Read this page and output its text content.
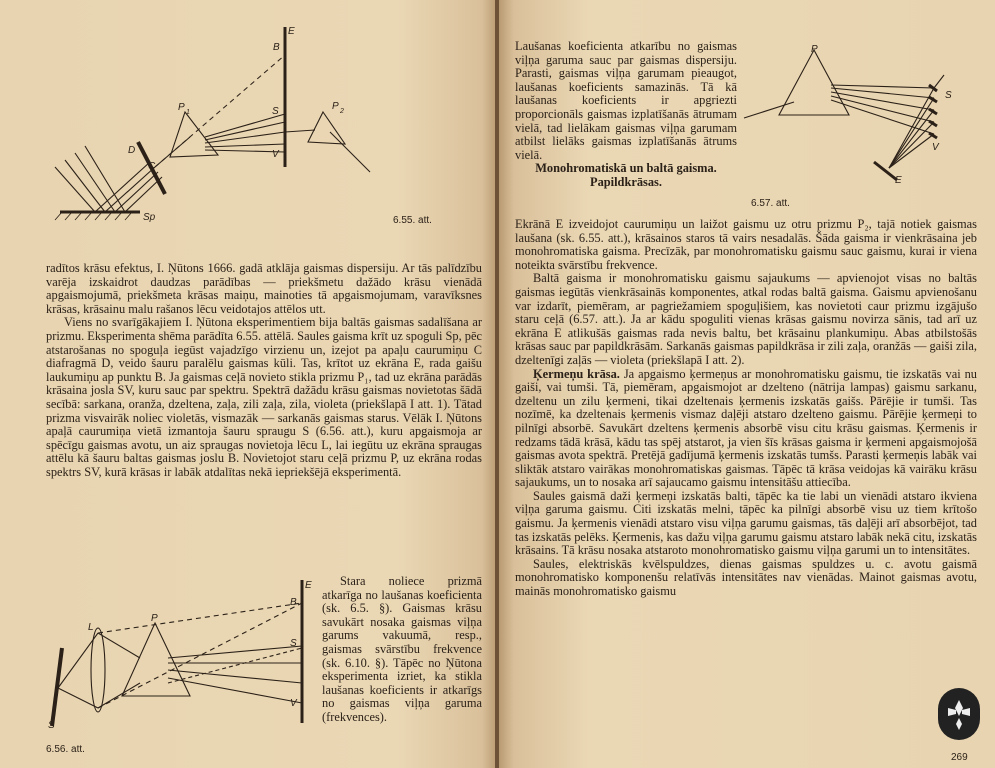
E
B
S
V
P 1
P 2
D
C
Sp	6.55. att.

radītos krāsu efektus, I. Ņūtons 1666. gadā atklāja gaismas dispersiju. Ar tās palīdzību varēja izskaidrot daudzas parādības — priekšmetu dažādo krāsu vienādā apgaismojumā, priekšmeta krāsas maiņu, mainoties tā apgaismojumam, varavīksnes krāsas, krāsainu malu rašanos lēcu veidotajos attēlos utt.

Viens no svarīgākajiem I. Ņūtona eksperimentiem bija baltās gaismas sadalīšana ar prizmu. Eksperimenta shēma parādīta 6.55. attēlā. Saules gaisma krīt uz spoguli Sp, pēc atstarošanas no spoguļa iegūst vajadzīgo virzienu un, izejot pa apaļu caurumiņu C diafragmā D, veido šauru paralēlu gaismas kūli. Tas, krītot uz ekrāna E, rada gaišu laukumiņu ap punktu B. Ja gaismas ceļā novieto stikla prizmu P₁, tad uz ekrāna parādās krāsaina josla SV, kuru sauc par spektru. Spektrā dažādu krāsu gaismas novietotas šādā secībā: sarkana, oranža, dzeltena, zaļa, zili zaļa, zila, violeta (priekšlapā I att. 1). Tātad prizma visvairāk noliec violetās, vismazāk — sarkanās gaismas starus. Vēlāk I. Ņūtons apaļā caurumiņa vietā izmantoja šauru spraugu S (6.56. att.), kuru apgaismoja ar spēcīgu gaismas avotu, un aiz spraugas novietoja lēcu L, lai iegūtu uz ekrāna spraugas attēlu kā šauru baltas gaismas joslu B. Novietojot staru ceļā prizmu P, uz ekrāna rodas spektrs SV, kurā krāsas ir labāk atdalītas nekā iepriekšējā eksperimentā.

E
B
S
V
P
L
S
6.56. att.

Stara noliece prizmā atkarīga no laušanas koeficienta (sk. 6.5. §). Gaismas krāsu savukārt nosaka gaismas viļņa garums vakuumā, resp., gaismas svārstību frekvence (sk. 6.10. §). Tāpēc no Ņūtona eksperimenta izriet, ka stikla laušanas koeficients ir atkarīgs no gaismas viļņa garuma (frekvences).

Laušanas koeficienta atkarību no gaismas viļņa garuma sauc par gaismas dispersiju. Parasti, gaismas viļņa garumam pieaugot, laušanas koeficients samazinās. Tā kā laušanas koeficients ir apgriezti proporcionāls gaismas izplatīšanās ātrumam vielā, tad lielākam gaismas viļņa garumam atbilst lielāks gaismas izplatīšanās ātrums vielā.

Monohromatiskā un baltā gaisma. Papildkrāsas.
P
S
V
E
6.57. att.

Ekrānā E izveidojot caurumiņu un laižot gaismu uz otru prizmu P₂, tajā notiek gaismas laušana (sk. 6.55. att.), krāsainos staros tā vairs nesadalās. Šāda gaisma ir vienkrāsaina jeb monohromatiska gaisma. Precīzāk, par monohromatisku gaismu sauc gaismu, kurai ir viena noteikta svārstību frekvence.

Baltā gaisma ir monohromatisku gaismu sajaukums — apvienojot visas no baltās gaismas iegūtās vienkrāsainās komponentes, atkal rodas baltā gaisma. Gaismu apvienošanu var izdarīt, piemēram, ar pagriežamiem spoguļišiem, kas novietoti caur prizmu izgājušo staru ceļā (6.57. att.). Ja ar kādu spoguliti vienas krāsas gaismu novirza sānis, tad arī uz ekrāna E atlikušās gaismas rada nevis baltu, bet krāsainu plankumiņu. Abas atbilstošās krāsas sauc par papildkrāsām. Sarkanās gaismas papildkrāsa ir zili zaļa, oranžās — gaiši zila, dzeltenīgi zaļās — violeta (priekšlapā I att. 2).

Ķermeņu krāsa. Ja apgaismo ķermeņus ar monohromatisku gaismu, tie izskatās vai nu gaiši, vai tumši. Tā, piemēram, apgaismojot ar dzelteno (nātrija lampas) gaismu sarkanu, dzeltenu un zilu ķermeni, tikai dzeltenais ķermenis izskatās gaišs. Pārējie ir tumši. Tas nozīmē, ka dzeltenais ķermenis vismaz daļēji atstaro dzelteno gaismu. Pārējie ķermeņi to pilnīgi absorbē. Savukārt dzeltens ķermenis absorbē visu citu krāsu gaismas. Ķermenis ir redzams tādā krāsā, kādu tas spēj atstarot, ja vien šīs krāsas gaisma ir ķermeni apgaismojošā gaismas avota spektrā. Pretējā gadījumā ķermenis izskatās tumšs. Parasti ķermeņis labāk vai sliktāk atstaro vairākas monohromatiskas gaismas. Tāpēc tā krāsa veidojas kā vairāku krāsu sajaukums, un to nosaka arī sajaucamo gaismu intensitāšu attiecība.

Saules gaismā daži ķermeņi izskatās balti, tāpēc ka tie labi un vienādi atstaro ikviena viļņa garuma gaismu. Citi izskatās melni, tāpēc ka pilnīgi absorbē visu uz tiem krītošo gaismu. Ja ķermenis vienādi atstaro visu viļņa garumu gaismas, tās daļēji arī absorbējot, tad tas izskatās pelēks. Ķermenis, kas dažu viļņa garumu gaismu atstaro labāk nekā citu, izskatās krāsains. Tā krāsu nosaka atstaroto monohromatisko gaismu viļņa garumi un to intensitātes.

Saules, elektriskās kvēlspuldzes, dienas gaismas spuldzes u. c. avotu gaismā monohromatisko komponenšu relatīvās intensitātes nav vienādas. Mainot gaismas avotu, mainās monohromatisko gaismu

269
